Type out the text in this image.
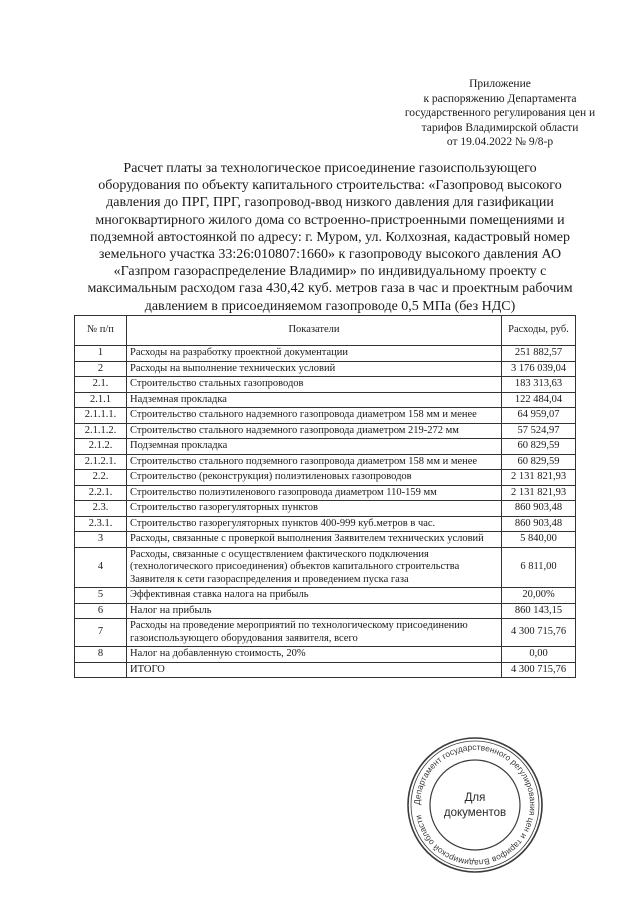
Приложение
к распоряжению Департамента
государственного регулирования цен и
тарифов Владимирской области
от 19.04.2022 № 9/8-р
Расчет платы за технологическое присоединение газоиспользующего
оборудования по объекту капитального строительства: «Газопровод высокого
давления до ПРГ, ПРГ, газопровод-ввод низкого давления для газификации
многоквартирного жилого дома со встроенно-пристроенными помещениями и
подземной автостоянкой по адресу: г. Муром, ул. Колхозная, кадастровый номер
земельного участка 33:26:010807:1660» к газопроводу высокого давления АО
«Газпром газораспределение Владимир» по индивидуальному проекту с
максимальным расходом газа 430,42 куб. метров газа в час и проектным рабочим
давлением в присоединяемом газопроводе 0,5 МПа (без НДС)
№ п/п	Показатели	Расходы, руб.
1	Расходы на разработку проектной документации	251 882,57
2	Расходы на выполнение технических условий	3 176 039,04
2.1.	Строительство стальных газопроводов	183 313,63
2.1.1	Надземная прокладка	122 484,04
2.1.1.1.	Строительство стального надземного газопровода диаметром 158 мм и менее	64 959,07
2.1.1.2.	Строительство стального надземного газопровода диаметром 219-272 мм	57 524,97
2.1.2.	Подземная прокладка	60 829,59
2.1.2.1.	Строительство стального подземного газопровода диаметром 158 мм и менее	60 829,59
2.2.	Строительство (реконструкция) полиэтиленовых газопроводов	2 131 821,93
2.2.1.	Строительство полиэтиленового газопровода диаметром 110-159 мм	2 131 821,93
2.3.	Строительство газорегуляторных пунктов	860 903,48
2.3.1.	Строительство газорегуляторных пунктов 400-999 куб.метров в час.	860 903,48
3	Расходы, связанные с проверкой выполнения Заявителем технических условий	5 840,00
4	Расходы, связанные с осуществлением фактического подключения (технологического присоединения) объектов капитального строительства Заявителя к сети газораспределения и проведением пуска газа	6 811,00
5	Эффективная ставка налога на прибыль	20,00%
6	Налог на прибыль	860 143,15
7	Расходы на проведение мероприятий по технологическому присоединению газоиспользующего оборудования заявителя, всего	4 300 715,76
8	Налог на добавленную стоимость, 20%	0,00
	ИТОГО	4 300 715,76
Департамент государственного регулирования цен и тарифов Владимирской области
Для
документов
